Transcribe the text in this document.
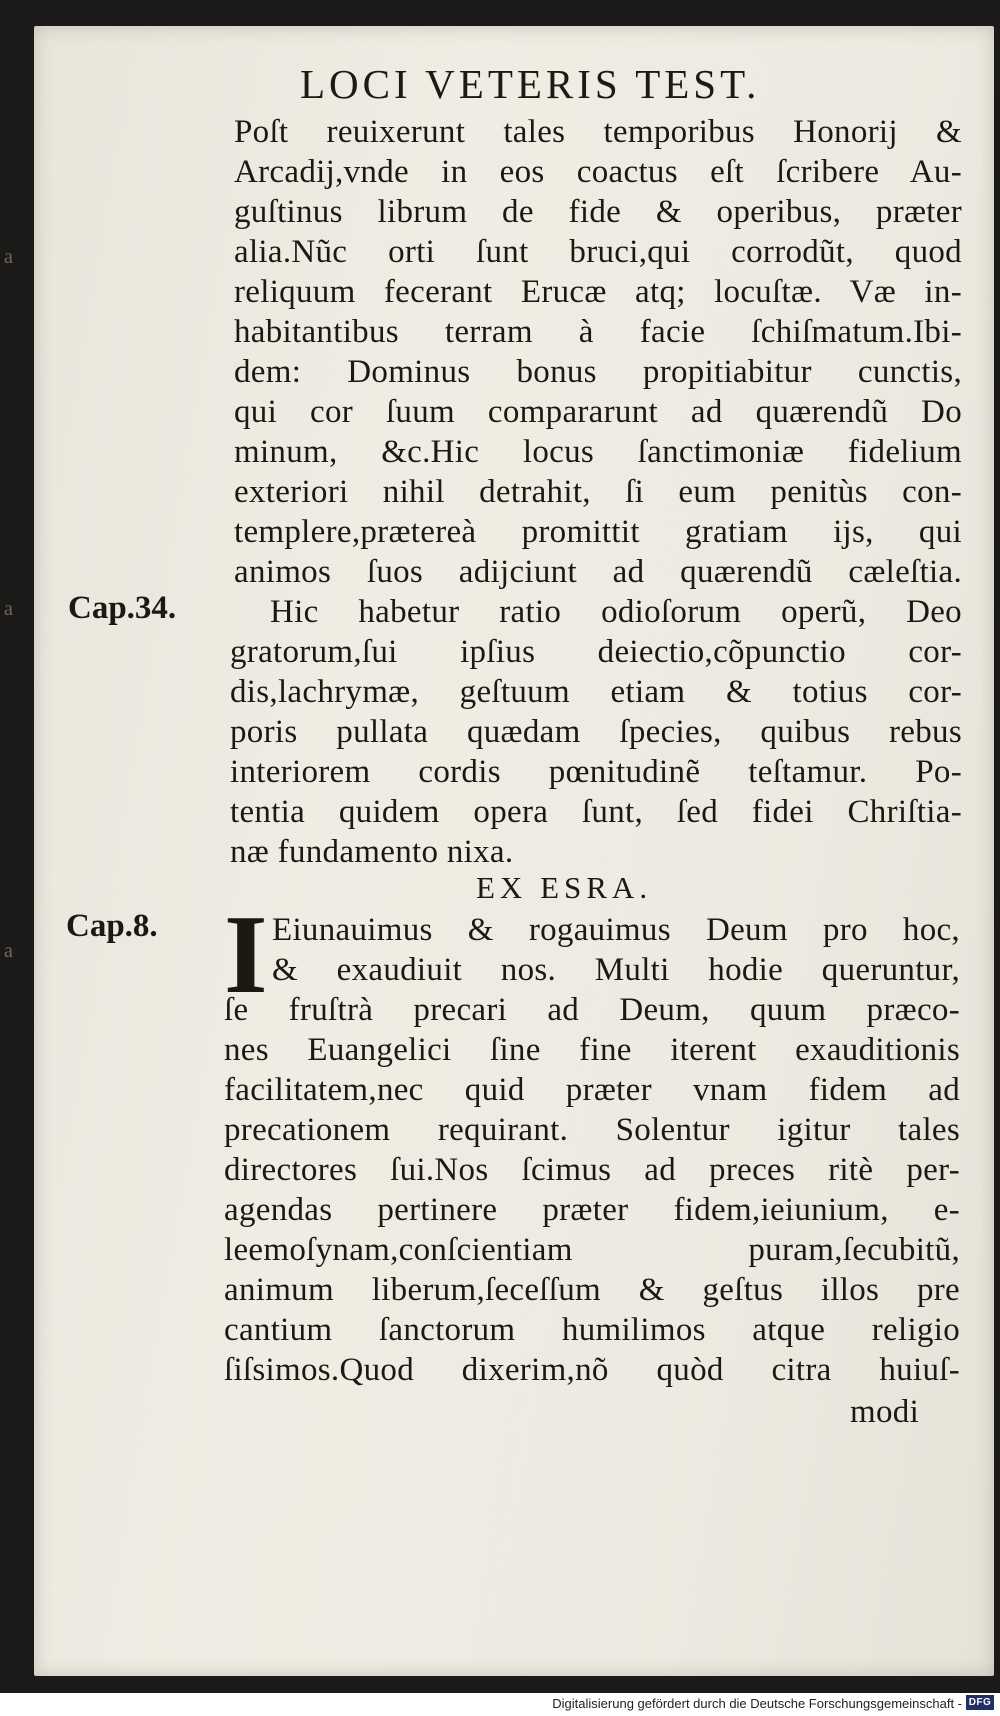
a
a
a
LOCI VETERIS TEST.
Poſt reuixerunt tales temporibus Honorij &
Arcadij,vnde in eos coactus eſt ſcribere Au-
guſtinus librum de fide & operibus, præter
alia.Nũc orti ſunt bruci,qui corrodũt, quod
reliquum fecerant Erucæ atq; locuſtæ. Væ in-
habitantibus terram à facie ſchiſmatum.Ibi-
dem: Dominus bonus propitiabitur cunctis,
qui cor ſuum compararunt ad quærendũ Do
minum, &c.Hic locus ſanctimoniæ fidelium
exteriori nihil detrahit, ſi eum penitùs con-
templere,prætereà promittit gratiam ijs, qui
animos ſuos adijciunt ad quærendũ cæleſtia.
Hic habetur ratio odioſorum operũ, Deo
gratorum,ſui ipſius deiectio,cõpunctio cor-
dis,lachrymæ, geſtuum etiam & totius cor-
poris pullata quædam ſpecies, quibus rebus
interiorem cordis pœnitudinẽ teſtamur. Po-
tentia quidem opera ſunt, ſed fidei Chriſtia-
næ fundamento nixa.
Eiunauimus & rogauimus Deum pro hoc,
& exaudiuit nos. Multi hodie queruntur,
ſe fruſtrà precari ad Deum, quum præco-
nes Euangelici ſine fine iterent exauditionis
facilitatem,nec quid præter vnam fidem ad
precationem requirant. Solentur igitur tales
directores ſui.Nos ſcimus ad preces ritè per-
agendas pertinere præter fidem,ieiunium, e-
leemoſynam,conſcientiam puram,ſecubitũ,
animum liberum,ſeceſſum & geſtus illos pre
cantium ſanctorum humilimos atque religio
ſiſsimos.Quod dixerim,nõ quòd citra huiuſ-
Cap.34.
Cap.8.
EX ESRA.
I
modi
Digitalisierung gefördert durch die Deutsche Forschungsgemeinschaft - DFG
